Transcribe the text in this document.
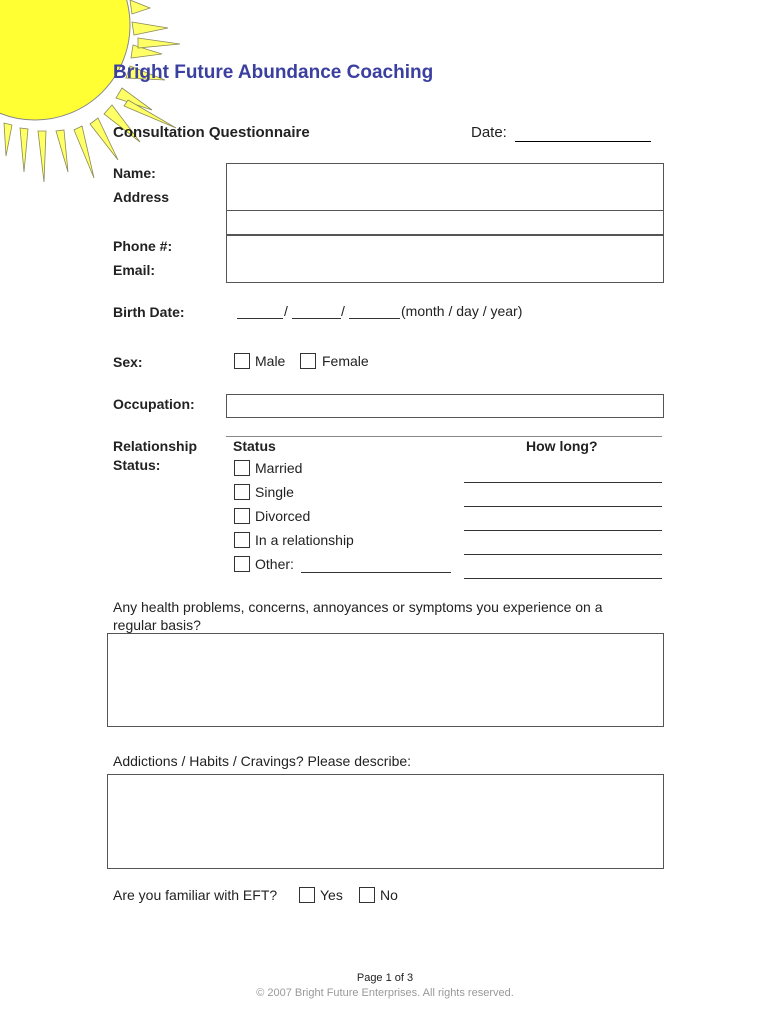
Bright Future Abundance Coaching
Consultation Questionnaire	Date:
Name:
Address
Phone #:
Email:
Birth Date:	/	/	(month / day / year)
Sex:	Male	Female
Occupation:
Relationship
Status:
Status	How long?
Married
Single
Divorced
In a relationship
Other:
Any health problems, concerns, annoyances or symptoms you experience on a
regular basis?
Addictions / Habits / Cravings? Please describe:
Are you familiar with EFT?	Yes	No
Page 1 of 3
© 2007 Bright Future Enterprises. All rights reserved.
